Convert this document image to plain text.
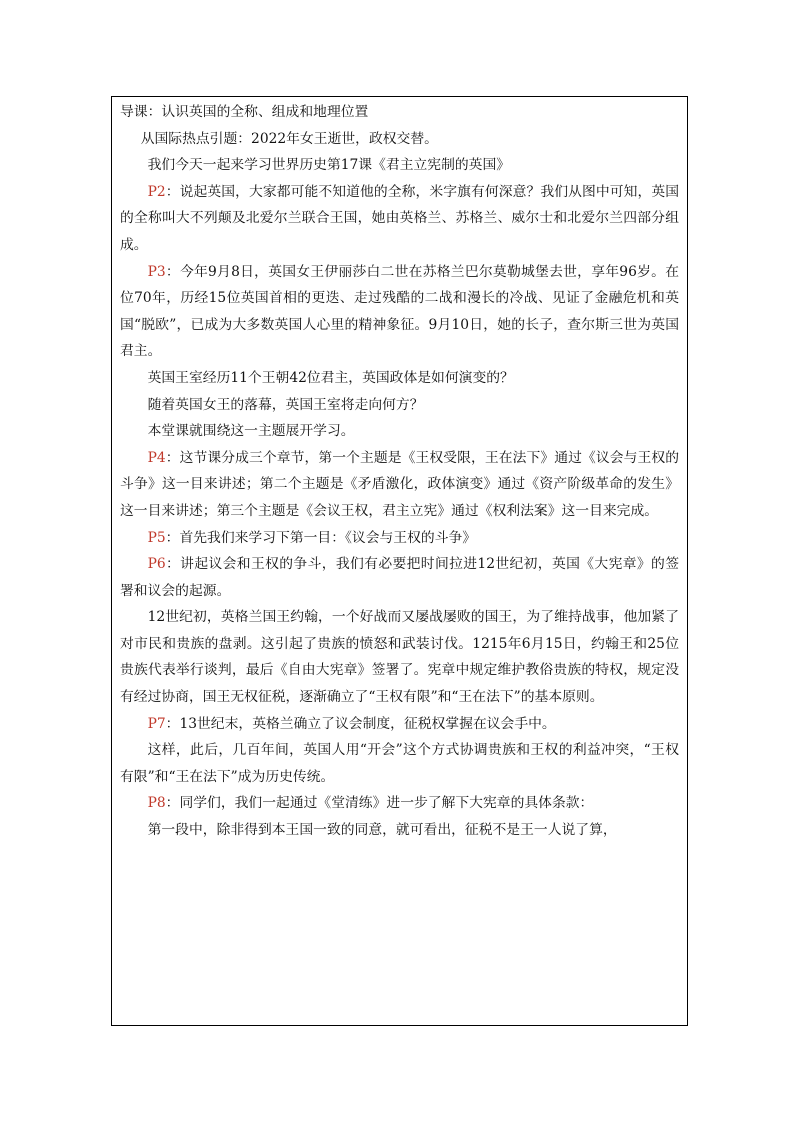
导课：认识英国的全称、组成和地理位置

从国际热点引题：2022年女王逝世，政权交替。

我们今天一起来学习世界历史第17课《君主立宪制的英国》

P2：说起英国，大家都可能不知道他的全称，米字旗有何深意？我们从图中可知，英国的全称叫大不列颠及北爱尔兰联合王国，她由英格兰、苏格兰、威尔士和北爱尔兰四部分组成。

P3：今年9月8日，英国女王伊丽莎白二世在苏格兰巴尔莫勒城堡去世，享年96岁。在位70年，历经15位英国首相的更迭、走过残酷的二战和漫长的冷战、见证了金融危机和英国“脱欧”，已成为大多数英国人心里的精神象征。9月10日，她的长子，查尔斯三世为英国君主。

英国王室经历11个王朝42位君主，英国政体是如何演变的？

随着英国女王的落幕，英国王室将走向何方？

本堂课就围绕这一主题展开学习。

P4：这节课分成三个章节，第一个主题是《王权受限，王在法下》通过《议会与王权的斗争》这一目来讲述；第二个主题是《矛盾激化，政体演变》通过《资产阶级革命的发生》这一目来讲述；第三个主题是《会议王权，君主立宪》通过《权利法案》这一目来完成。

P5：首先我们来学习下第一目：《议会与王权的斗争》

P6：讲起议会和王权的争斗，我们有必要把时间拉进12世纪初，英国《大宪章》的签署和议会的起源。

12世纪初，英格兰国王约翰，一个好战而又屡战屡败的国王，为了维持战事，他加紧了对市民和贵族的盘剥。这引起了贵族的愤怒和武装讨伐。1215年6月15日，约翰王和25位贵族代表举行谈判，最后《自由大宪章》签署了。宪章中规定维护教俗贵族的特权，规定没有经过协商，国王无权征税，逐渐确立了“王权有限”和“王在法下”的基本原则。

P7：13世纪末，英格兰确立了议会制度，征税权掌握在议会手中。

这样，此后，几百年间，英国人用“开会”这个方式协调贵族和王权的利益冲突，“王权有限”和“王在法下”成为历史传统。

P8：同学们，我们一起通过《堂清练》进一步了解下大宪章的具体条款：

第一段中，除非得到本王国一致的同意，就可看出，征税不是王一人说了算，
